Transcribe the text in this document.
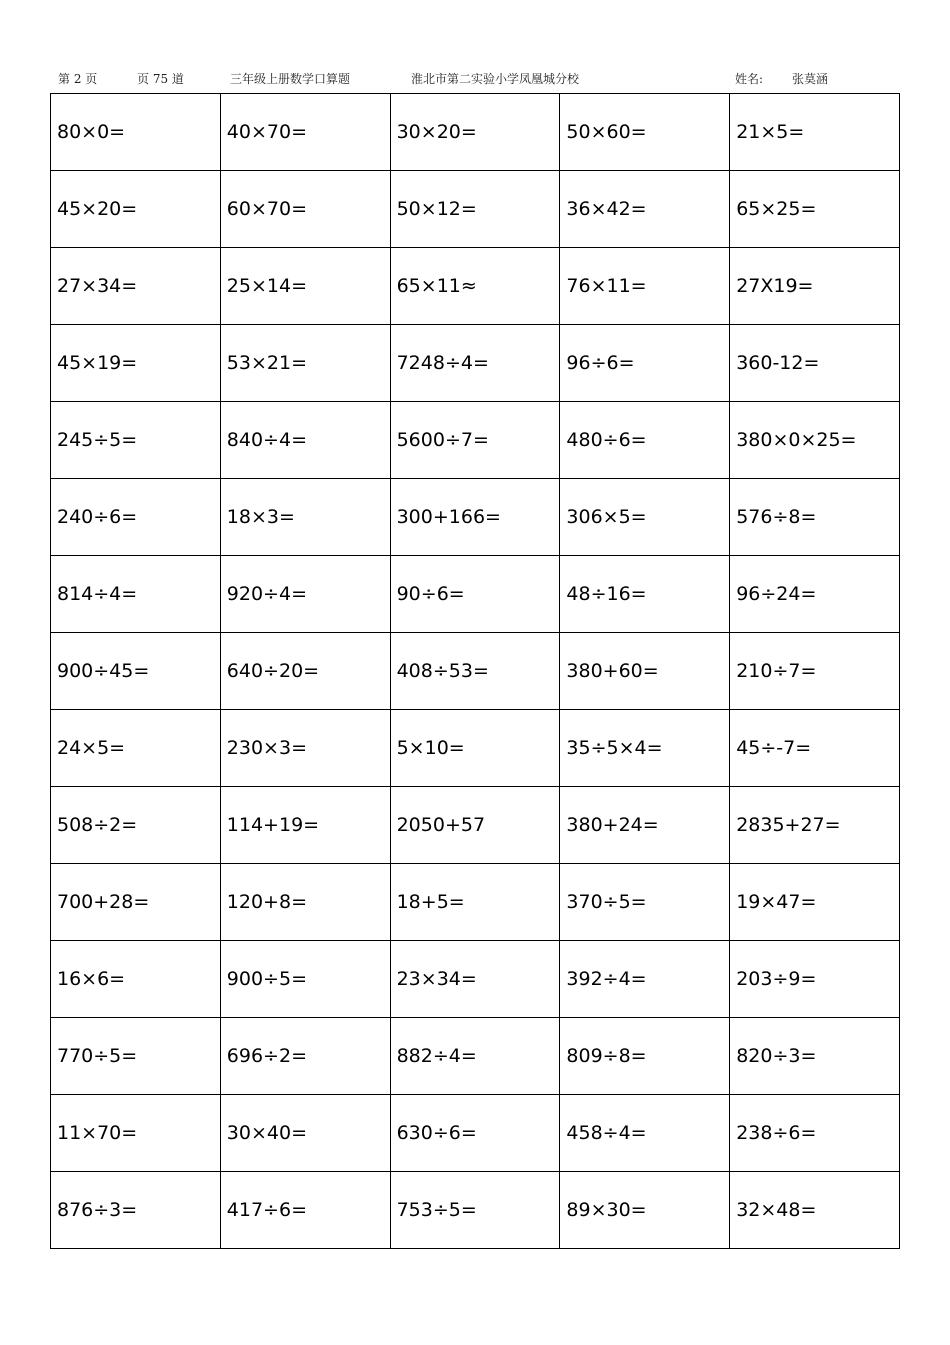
第 2 页	页 75 道	三年级上册数学口算题	淮北市第二实验小学凤凰城分校	姓名: 张莫涵
80×0=	40×70=	30×20=	50×60=	21×5=
45×20=	60×70=	50×12=	36×42=	65×25=
27×34=	25×14=	65×11≈	76×11=	27X19=
45×19=	53×21=	7248÷4=	96÷6=	360-12=
245÷5=	840÷4=	5600÷7=	480÷6=	380×0×25=
240÷6=	18×3=	300+166=	306×5=	576÷8=
814÷4=	920÷4=	90÷6=	48÷16=	96÷24=
900÷45=	640÷20=	408÷53=	380+60=	210÷7=
24×5=	230×3=	5×10=	35÷5×4=	45÷-7=
508÷2=	114+19=	2050+57	380+24=	2835+27=
700+28=	120+8=	18+5=	370÷5=	19×47=
16×6=	900÷5=	23×34=	392÷4=	203÷9=
770÷5=	696÷2=	882÷4=	809÷8=	820÷3=
11×70=	30×40=	630÷6=	458÷4=	238÷6=
876÷3=	417÷6=	753÷5=	89×30=	32×48=
